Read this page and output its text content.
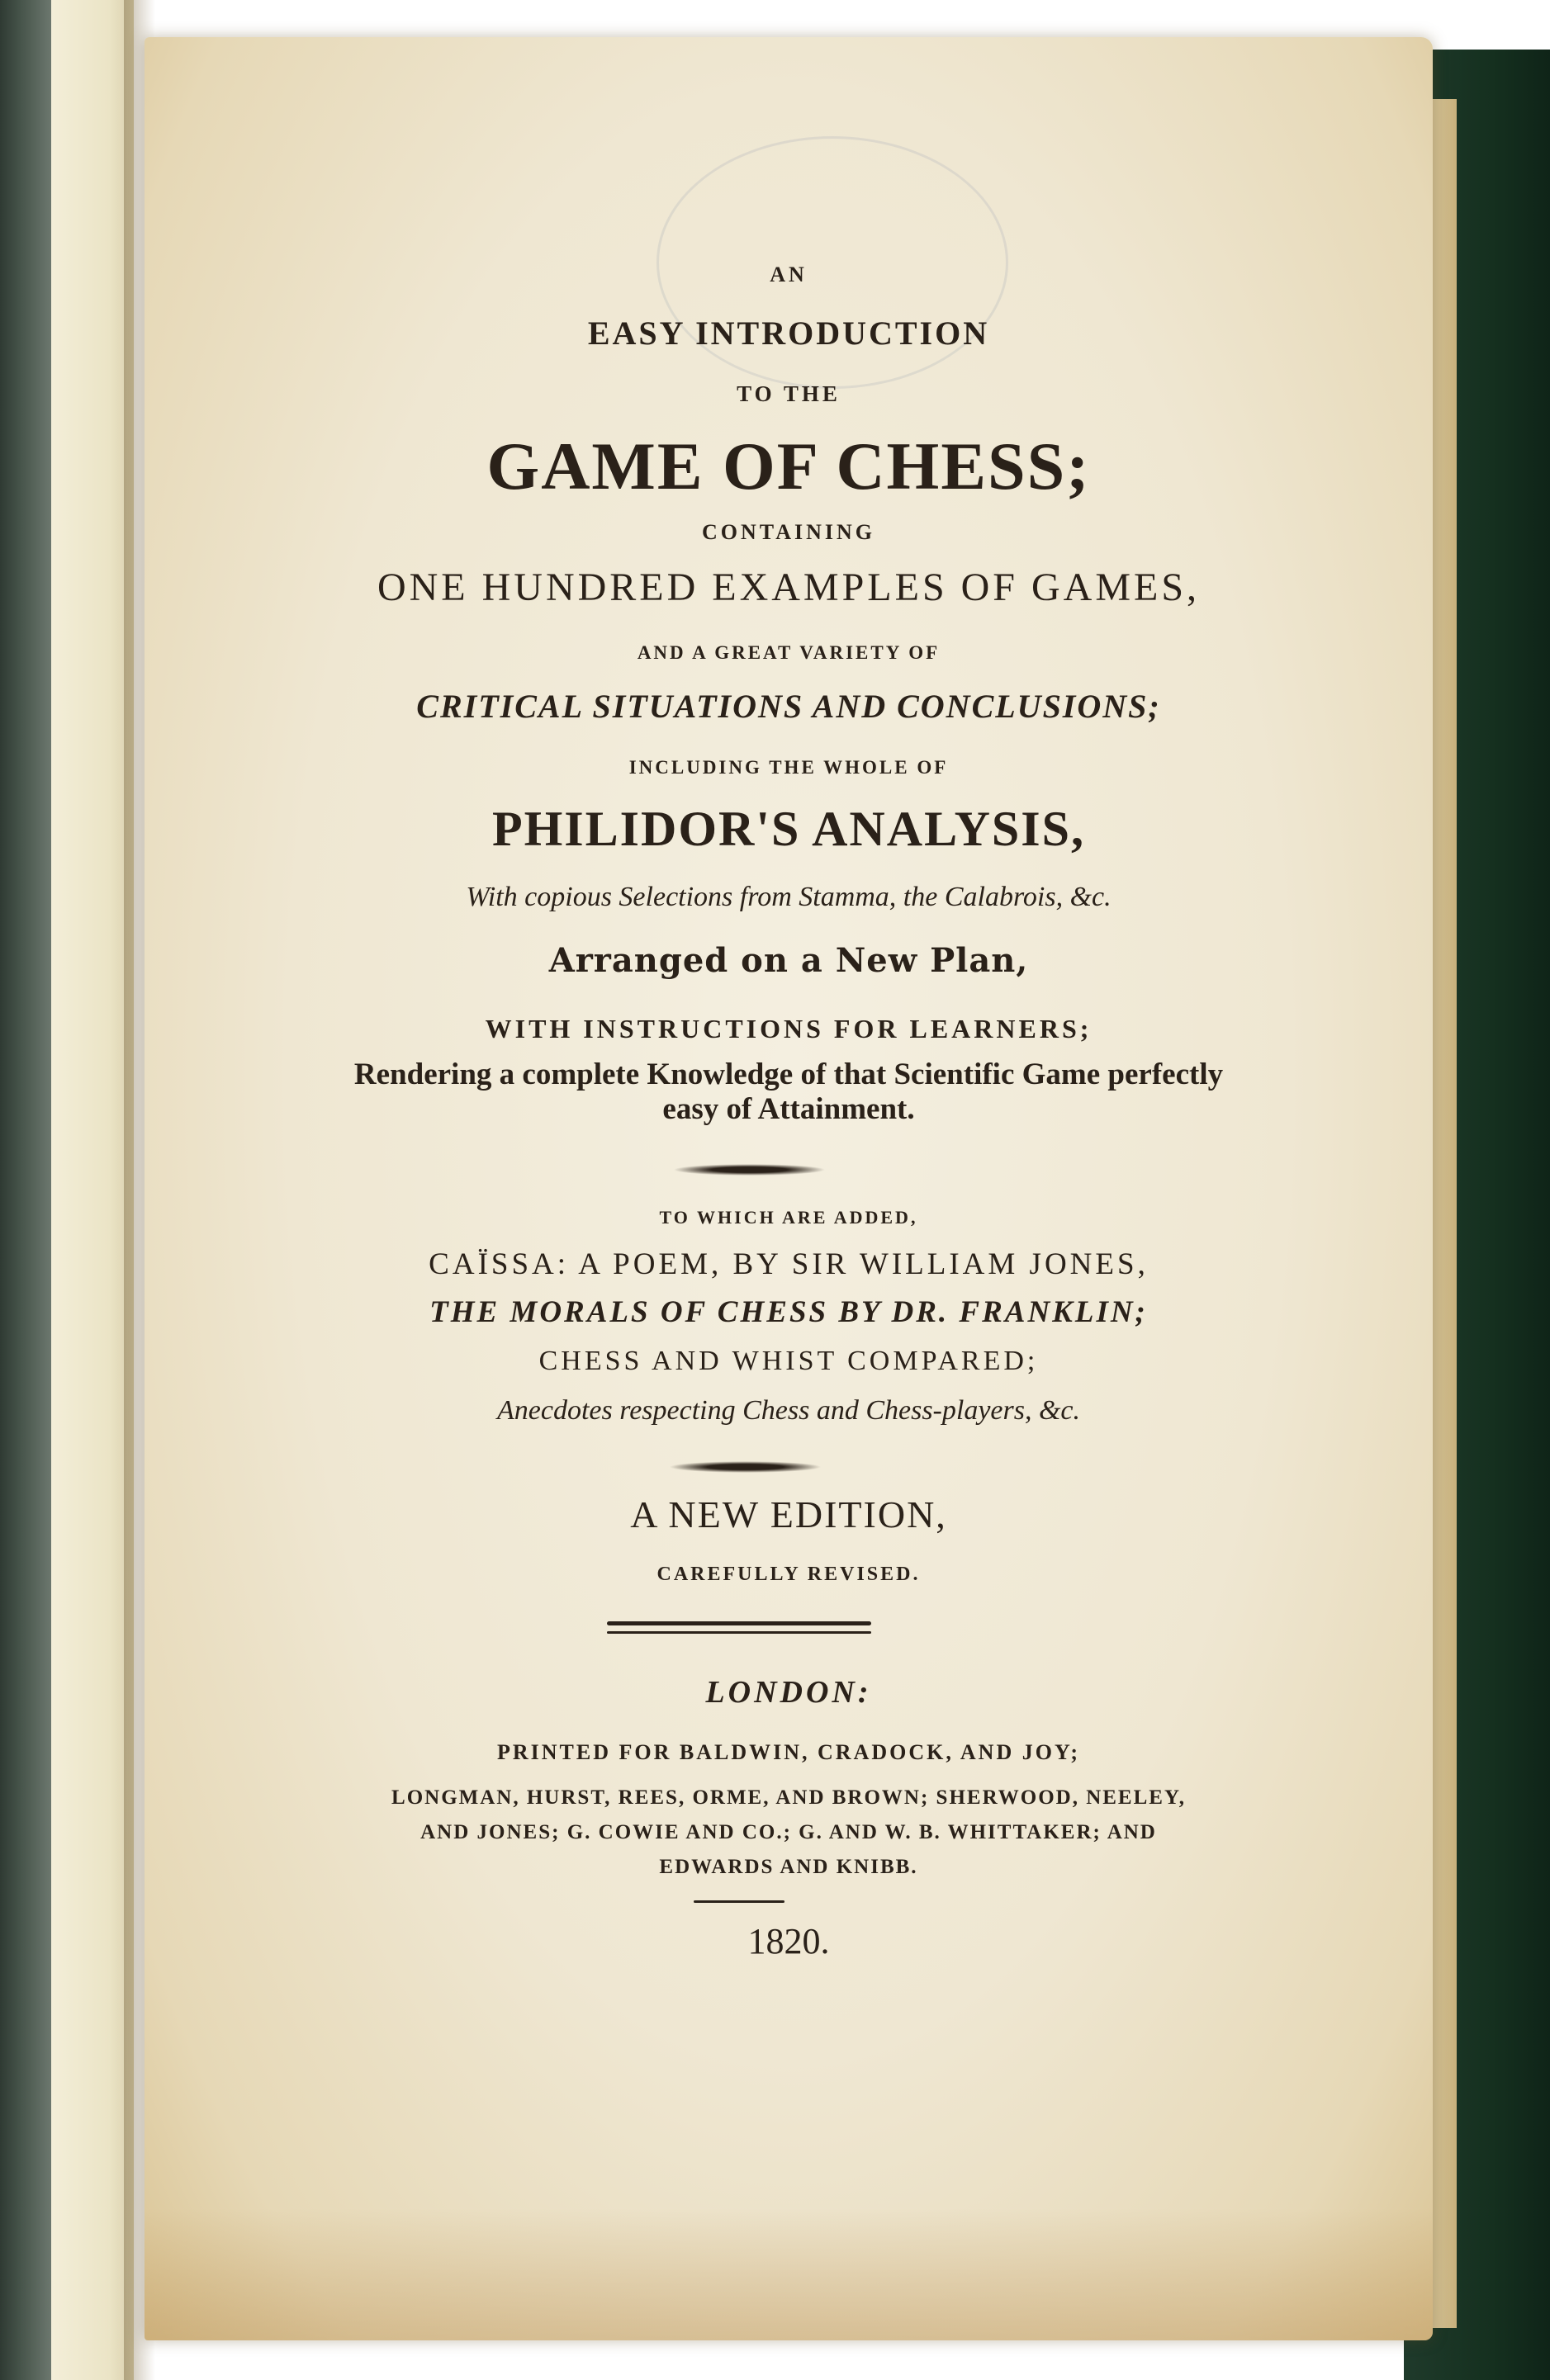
AN

EASY INTRODUCTION

TO THE

GAME OF CHESS;

CONTAINING

ONE HUNDRED EXAMPLES OF GAMES,

AND A GREAT VARIETY OF

CRITICAL SITUATIONS AND CONCLUSIONS;

INCLUDING THE WHOLE OF

PHILIDOR'S ANALYSIS,

With copious Selections from Stamma, the Calabrois, &c.

Arranged on a New Plan,

WITH INSTRUCTIONS FOR LEARNERS;

Rendering a complete Knowledge of that Scientific Game perfectly

easy of Attainment.

TO WHICH ARE ADDED,

CAÏSSA: A POEM, BY SIR WILLIAM JONES,

THE MORALS OF CHESS BY DR. FRANKLIN;

CHESS AND WHIST COMPARED;

Anecdotes respecting Chess and Chess-players, &c.

A NEW EDITION,

CAREFULLY REVISED.

LONDON:

PRINTED FOR BALDWIN, CRADOCK, AND JOY;

LONGMAN, HURST, REES, ORME, AND BROWN; SHERWOOD, NEELEY,

AND JONES; G. COWIE AND CO.; G. AND W. B. WHITTAKER; AND

EDWARDS AND KNIBB.

1820.
